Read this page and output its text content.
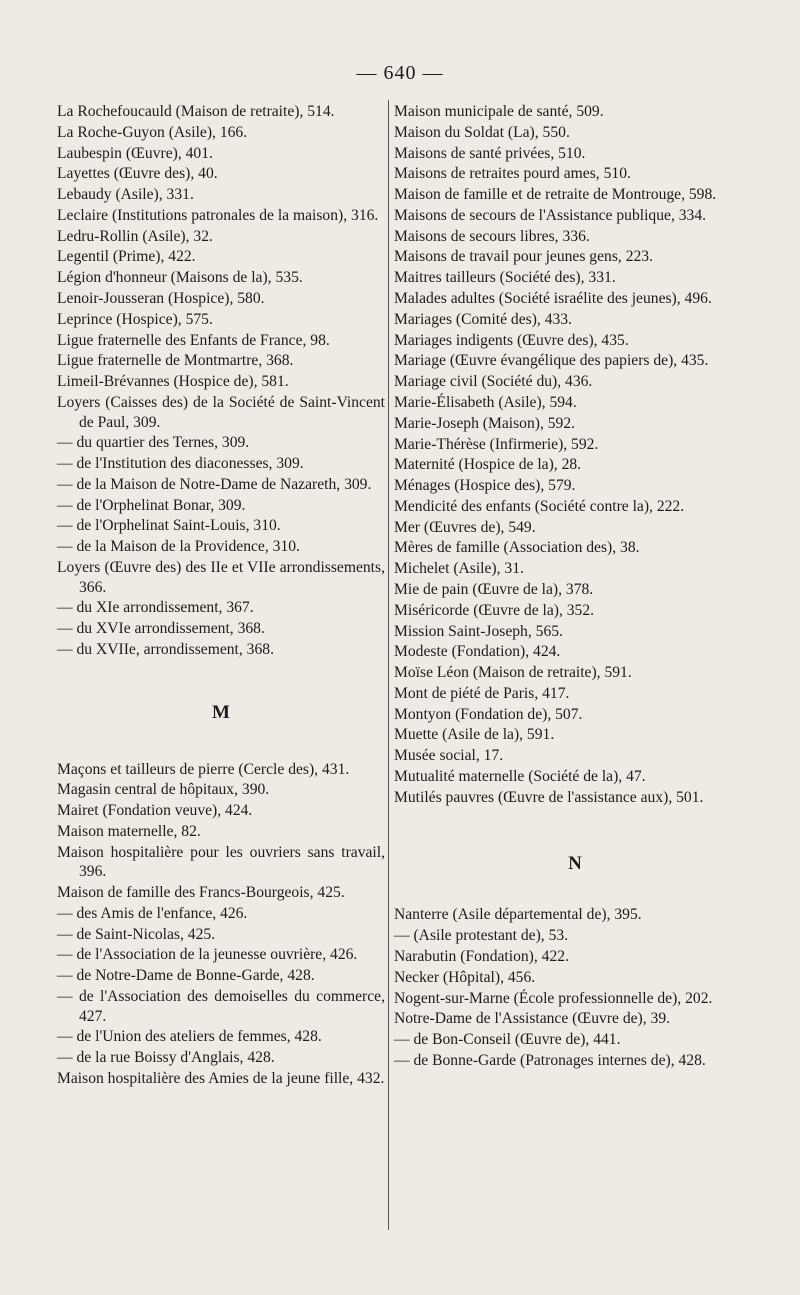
— 640 —
La Rochefoucauld (Maison de retraite), 514.
La Roche-Guyon (Asile), 166.
Laubespin (Œuvre), 401.
Layettes (Œuvre des), 40.
Lebaudy (Asile), 331.
Leclaire (Institutions patronales de la maison), 316.
Ledru-Rollin (Asile), 32.
Legentil (Prime), 422.
Légion d'honneur (Maisons de la), 535.
Lenoir-Jousseran (Hospice), 580.
Leprince (Hospice), 575.
Ligue fraternelle des Enfants de France, 98.
Ligue fraternelle de Montmartre, 368.
Limeil-Brévannes (Hospice de), 581.
Loyers (Caisses des) de la Société de Saint-Vincent de Paul, 309.
— du quartier des Ternes, 309.
— de l'Institution des diaconesses, 309.
— de la Maison de Notre-Dame de Nazareth, 309.
— de l'Orphelinat Bonar, 309.
— de l'Orphelinat Saint-Louis, 310.
— de la Maison de la Providence, 310.
Loyers (Œuvre des) des IIe et VIIe arrondissements, 366.
— du XIe arrondissement, 367.
— du XVIe arrondissement, 368.
— du XVIIe, arrondissement, 368.
M
Maçons et tailleurs de pierre (Cercle des), 431.
Magasin central de hôpitaux, 390.
Mairet (Fondation veuve), 424.
Maison maternelle, 82.
Maison hospitalière pour les ouvriers sans travail, 396.
Maison de famille des Francs-Bourgeois, 425.
— des Amis de l'enfance, 426.
— de Saint-Nicolas, 425.
— de l'Association de la jeunesse ouvrière, 426.
— de Notre-Dame de Bonne-Garde, 428.
— de l'Association des demoiselles du commerce, 427.
— de l'Union des ateliers de femmes, 428.
— de la rue Boissy d'Anglais, 428.
Maison hospitalière des Amies de la jeune fille, 432.
Maison municipale de santé, 509.
Maison du Soldat (La), 550.
Maisons de santé privées, 510.
Maisons de retraites pourd ames, 510.
Maison de famille et de retraite de Montrouge, 598.
Maisons de secours de l'Assistance publique, 334.
Maisons de secours libres, 336.
Maisons de travail pour jeunes gens, 223.
Maitres tailleurs (Société des), 331.
Malades adultes (Société israélite des jeunes), 496.
Mariages (Comité des), 433.
Mariages indigents (Œuvre des), 435.
Mariage (Œuvre évangélique des papiers de), 435.
Mariage civil (Société du), 436.
Marie-Élisabeth (Asile), 594.
Marie-Joseph (Maison), 592.
Marie-Thérèse (Infirmerie), 592.
Maternité (Hospice de la), 28.
Ménages (Hospice des), 579.
Mendicité des enfants (Société contre la), 222.
Mer (Œuvres de), 549.
Mères de famille (Association des), 38.
Michelet (Asile), 31.
Mie de pain (Œuvre de la), 378.
Miséricorde (Œuvre de la), 352.
Mission Saint-Joseph, 565.
Modeste (Fondation), 424.
Moïse Léon (Maison de retraite), 591.
Mont de piété de Paris, 417.
Montyon (Fondation de), 507.
Muette (Asile de la), 591.
Musée social, 17.
Mutualité maternelle (Société de la), 47.
Mutilés pauvres (Œuvre de l'assistance aux), 501.
N
Nanterre (Asile départemental de), 395.
— (Asile protestant de), 53.
Narabutin (Fondation), 422.
Necker (Hôpital), 456.
Nogent-sur-Marne (École professionnelle de), 202.
Notre-Dame de l'Assistance (Œuvre de), 39.
— de Bon-Conseil (Œuvre de), 441.
— de Bonne-Garde (Patronages internes de), 428.
